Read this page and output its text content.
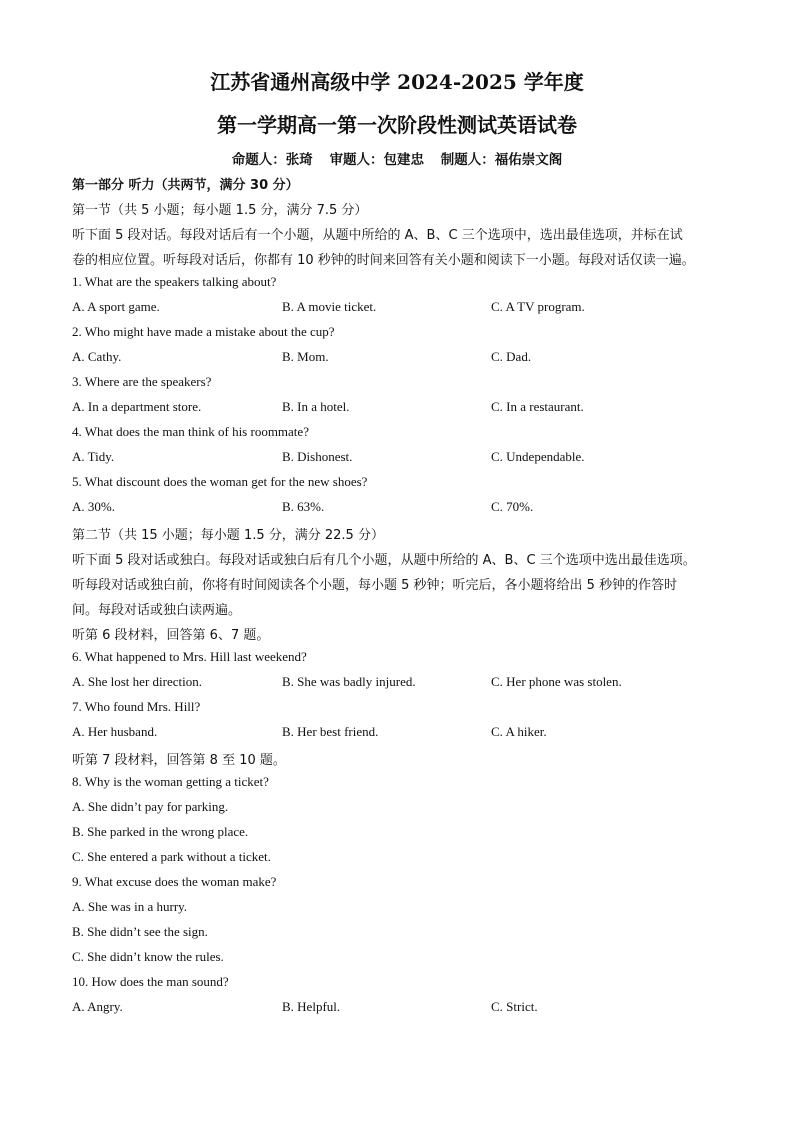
江苏省通州高级中学 2024-2025 学年度
第一学期高一第一次阶段性测试英语试卷
命题人：张琦 审题人：包建忠 制题人：福佑崇文阁
第一部分 听力（共两节，满分 30 分）
第一节（共 5 小题；每小题 1.5 分，满分 7.5 分）
听下面 5 段对话。每段对话后有一个小题，从题中所给的 A、B、C 三个选项中，选出最佳选项，并标在试
卷的相应位置。听每段对话后，你都有 10 秒钟的时间来回答有关小题和阅读下一小题。每段对话仅读一遍。
1. What are the speakers talking about?
A. A sport game.	B. A movie ticket.	C. A TV program.
2. Who might have made a mistake about the cup?
A. Cathy.	B. Mom.	C. Dad.
3. Where are the speakers?
A. In a department store.	B. In a hotel.	C. In a restaurant.
4. What does the man think of his roommate?
A. Tidy.	B. Dishonest.	C. Undependable.
5. What discount does the woman get for the new shoes?
A. 30%.	B. 63%.	C. 70%.
第二节（共 15 小题；每小题 1.5 分，满分 22.5 分）
听下面 5 段对话或独白。每段对话或独白后有几个小题，从题中所给的 A、B、C 三个选项中选出最佳选项。
听每段对话或独白前，你将有时间阅读各个小题，每小题 5 秒钟；听完后，各小题将给出 5 秒钟的作答时
间。每段对话或独白读两遍。
听第 6 段材料，回答第 6、7 题。
6. What happened to Mrs. Hill last weekend?
A. She lost her direction.	B. She was badly injured.	C. Her phone was stolen.
7. Who found Mrs. Hill?
A. Her husband.	B. Her best friend.	C. A hiker.
听第 7 段材料，回答第 8 至 10 题。
8. Why is the woman getting a ticket?
A. She didn’t pay for parking.
B. She parked in the wrong place.
C. She entered a park without a ticket.
9. What excuse does the woman make?
A. She was in a hurry.
B. She didn’t see the sign.
C. She didn’t know the rules.
10. How does the man sound?
A. Angry.	B. Helpful.	C. Strict.
